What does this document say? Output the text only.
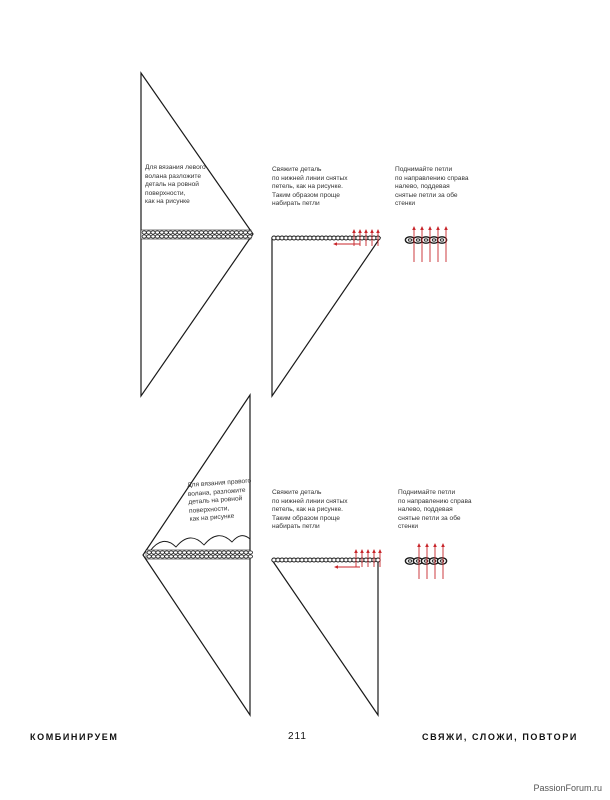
Для вязания левого
волана разложите
деталь на ровной
поверхности,
как на рисунке

Свяжите деталь
по нижней линии снятых
петель, как на рисунке.
Таким образом проще
набирать петли

Поднимайте петли
по направлению справа
налево, поддевая
снятые петли за обе
стенки

Для вязания правого
волана, разложите
деталь на ровной
поверхности,
как на рисунке

Свяжите деталь
по нижней линии снятых
петель, как на рисунке.
Таким образом проще
набирать петли

Поднимайте петли
по направлению справа
налево, поддевая
снятые петли за обе
стенки

КОМБИНИРУЕМ	211	СВЯЖИ, СЛОЖИ, ПОВТОРИ
PassionForum.ru
